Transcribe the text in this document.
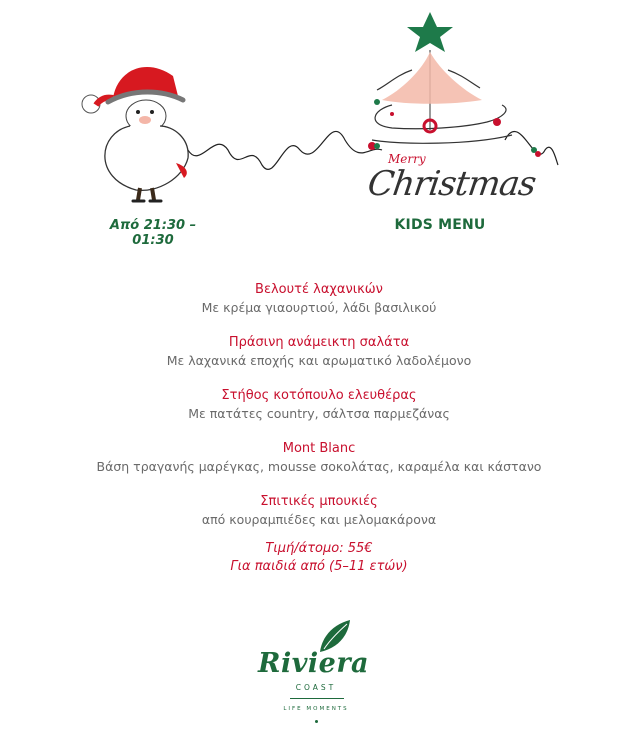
Merry
Christmas
Από 21:30 – 01:30
KIDS MENU
Βελουτέ λαχανικών
Με κρέμα γιαουρτιού, λάδι βασιλικού
Πράσινη ανάμεικτη σαλάτα
Με λαχανικά εποχής και αρωματικό λαδολέμονο
Στήθος κοτόπουλο ελευθέρας
Με πατάτες country, σάλτσα παρμεζάνας
Mont Blanc
Βάση τραγανής μαρέγκας, mousse σοκολάτας, καραμέλα και κάστανο
Σπιτικές μπουκιές
από κουραμπιέδες και μελομακάρονα
Τιμή/άτομο: 55€
Για παιδιά από (5–11 ετών)
Riviera
COAST
LIFE MOMENTS
